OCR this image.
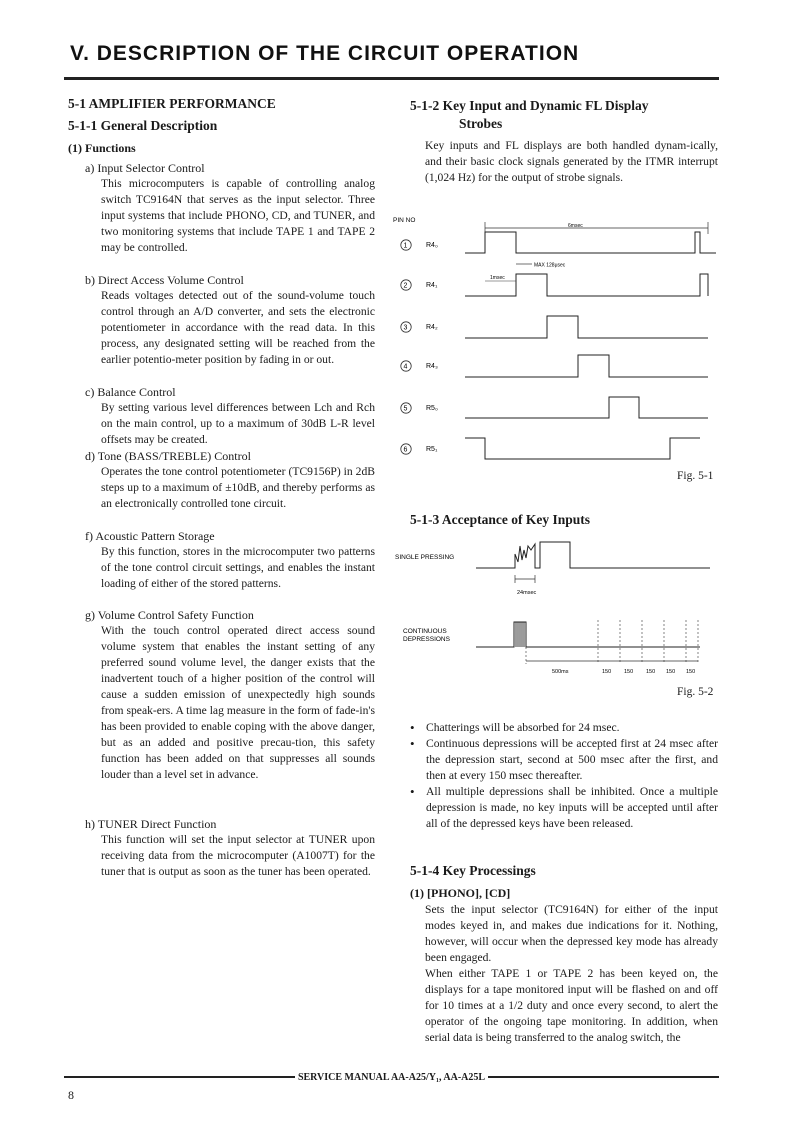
V. DESCRIPTION OF THE CIRCUIT OPERATION
5-1 AMPLIFIER PERFORMANCE
5-1-1 General Description
(1) Functions
a) Input Selector Control
This microcomputers is capable of controlling analog switch TC9164N that serves as the input selector. Three input systems that include PHONO, CD, and TUNER, and two monitoring systems that include TAPE 1 and TAPE 2 may be controlled.
b) Direct Access Volume Control
Reads voltages detected out of the sound-volume touch control through an A/D converter, and sets the electronic potentiometer in accordance with the read data. In this process, any designated setting will be reached from the earlier potentio-meter position by fading in or out.
c) Balance Control
By setting various level differences between Lch and Rch on the main control, up to a maximum of 30dB L-R level offsets may be created.
d) Tone (BASS/TREBLE) Control
Operates the tone control potentiometer (TC9156P) in 2dB steps up to a maximum of ±10dB, and thereby performs as an electronically controlled tone circuit.
f) Acoustic Pattern Storage
By this function, stores in the microcomputer two patterns of the tone control circuit settings, and enables the instant loading of either of the stored patterns.
g) Volume Control Safety Function
With the touch control operated direct access sound volume system that enables the instant setting of any preferred sound volume level, the danger exists that the inadvertent touch of a higher position of the control will cause a sudden emission of unexpectedly high sounds from speak-ers. A time lag measure in the form of fade-in's has been provided to enable coping with the above danger, but as an added and positive precau-tion, this safety function has been added on that suppresses all sounds louder than a level set in advance.
h) TUNER Direct Function
This function will set the input selector at TUNER upon receiving data from the microcomputer (A1007T) for the tuner that is output as soon as the tuner has been operated.
5-1-2 Key Input and Dynamic FL Display
Strobes
Key inputs and FL displays are both handled dynam-ically, and their basic clock signals generated by the ITMR interrupt (1,024 Hz) for the output of strobe signals.
PIN NO
6msec
1	R4₀
MAX 128μsec
2	R4₁
1msec
3	R4₂
4	R4₃
5	R5₀
6	R5₁
Fig. 5-1
5-1-3 Acceptance of Key Inputs
SINGLE PRESSING
24msec
CONTINUOUS
DEPRESSIONS
500ms	150 150 150 150 150
Fig. 5-2
• Chatterings will be absorbed for 24 msec.
• Continuous depressions will be accepted first at 24 msec after the depression start, second at 500 msec after the first, and then at every 150 msec thereafter.
• All multiple depressions shall be inhibited. Once a multiple depression is made, no key inputs will be accepted until after all of the depressed keys have been released.
5-1-4 Key Processings
(1) [PHONO], [CD]
Sets the input selector (TC9164N) for either of the input modes keyed in, and makes due indications for it. Nothing, however, will occur when the depressed key mode has already been engaged.
When either TAPE 1 or TAPE 2 has been keyed on, the displays for a tape monitored input will be flashed on and off for 10 times at a 1/2 duty and once every second, to alert the operator of the ongoing tape monitoring. In addition, when serial data is being transferred to the analog switch, the
SERVICE MANUAL AA-A25/Y₁, AA-A25L
8
